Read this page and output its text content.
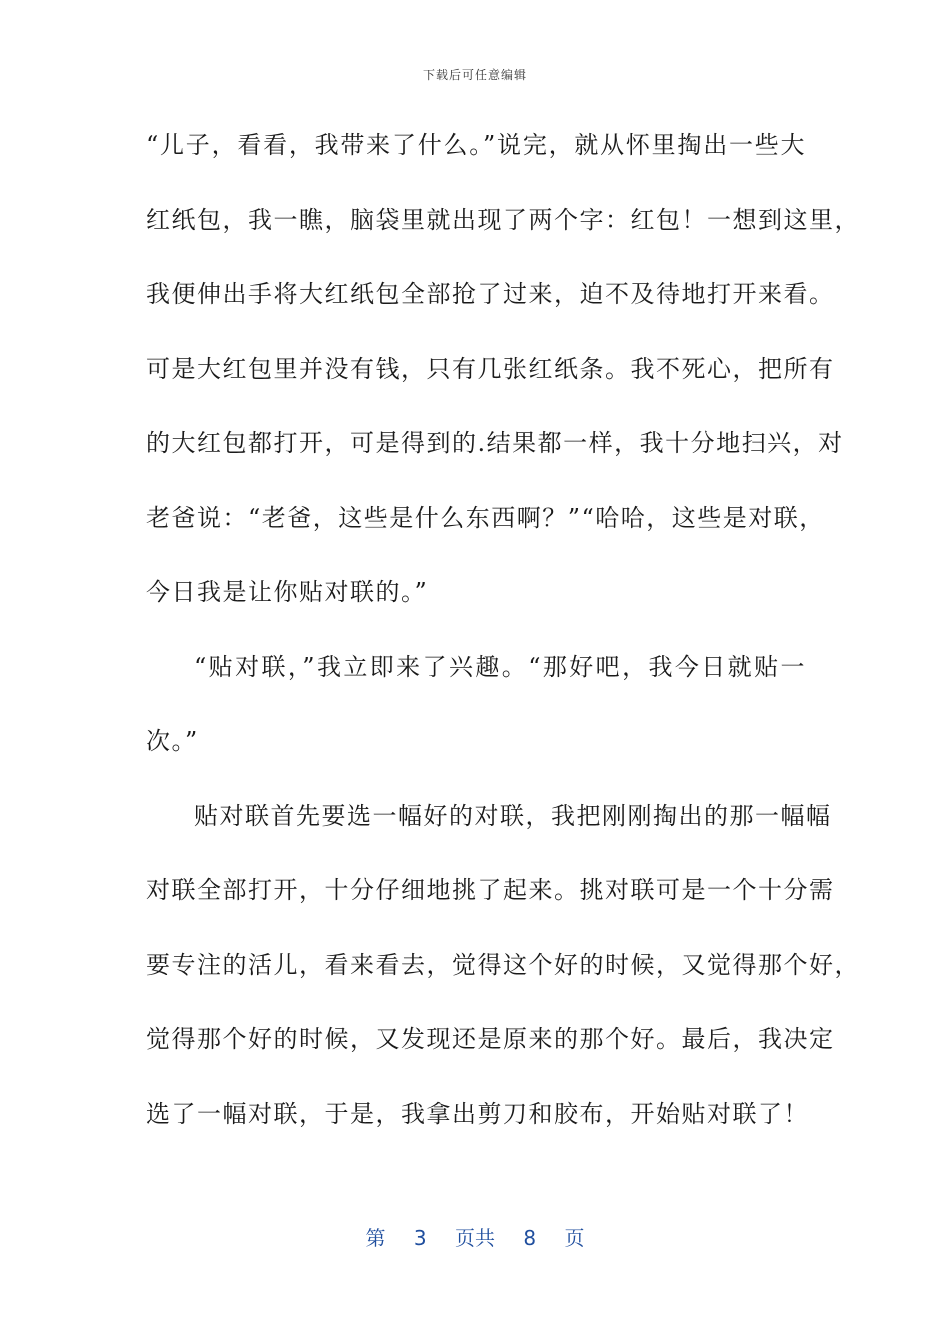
下载后可任意编辑
“儿子，看看，我带来了什么。”说完，就从怀里掏出一些大
红纸包，我一瞧，脑袋里就出现了两个字：红包！一想到这里，
我便伸出手将大红纸包全部抢了过来，迫不及待地打开来看。
可是大红包里并没有钱，只有几张红纸条。我不死心，把所有
的大红包都打开，可是得到的.结果都一样，我十分地扫兴，对
老爸说：“老爸，这些是什么东西啊？”“哈哈，这些是对联，
今日我是让你贴对联的。”
“贴对联，”我立即来了兴趣。“那好吧，我今日就贴一
次。”
贴对联首先要选一幅好的对联，我把刚刚掏出的那一幅幅
对联全部打开，十分仔细地挑了起来。挑对联可是一个十分需
要专注的活儿，看来看去，觉得这个好的时候，又觉得那个好，
觉得那个好的时候，又发现还是原来的那个好。最后，我决定
选了一幅对联，于是，我拿出剪刀和胶布，开始贴对联了！
第 3 页共 8 页
